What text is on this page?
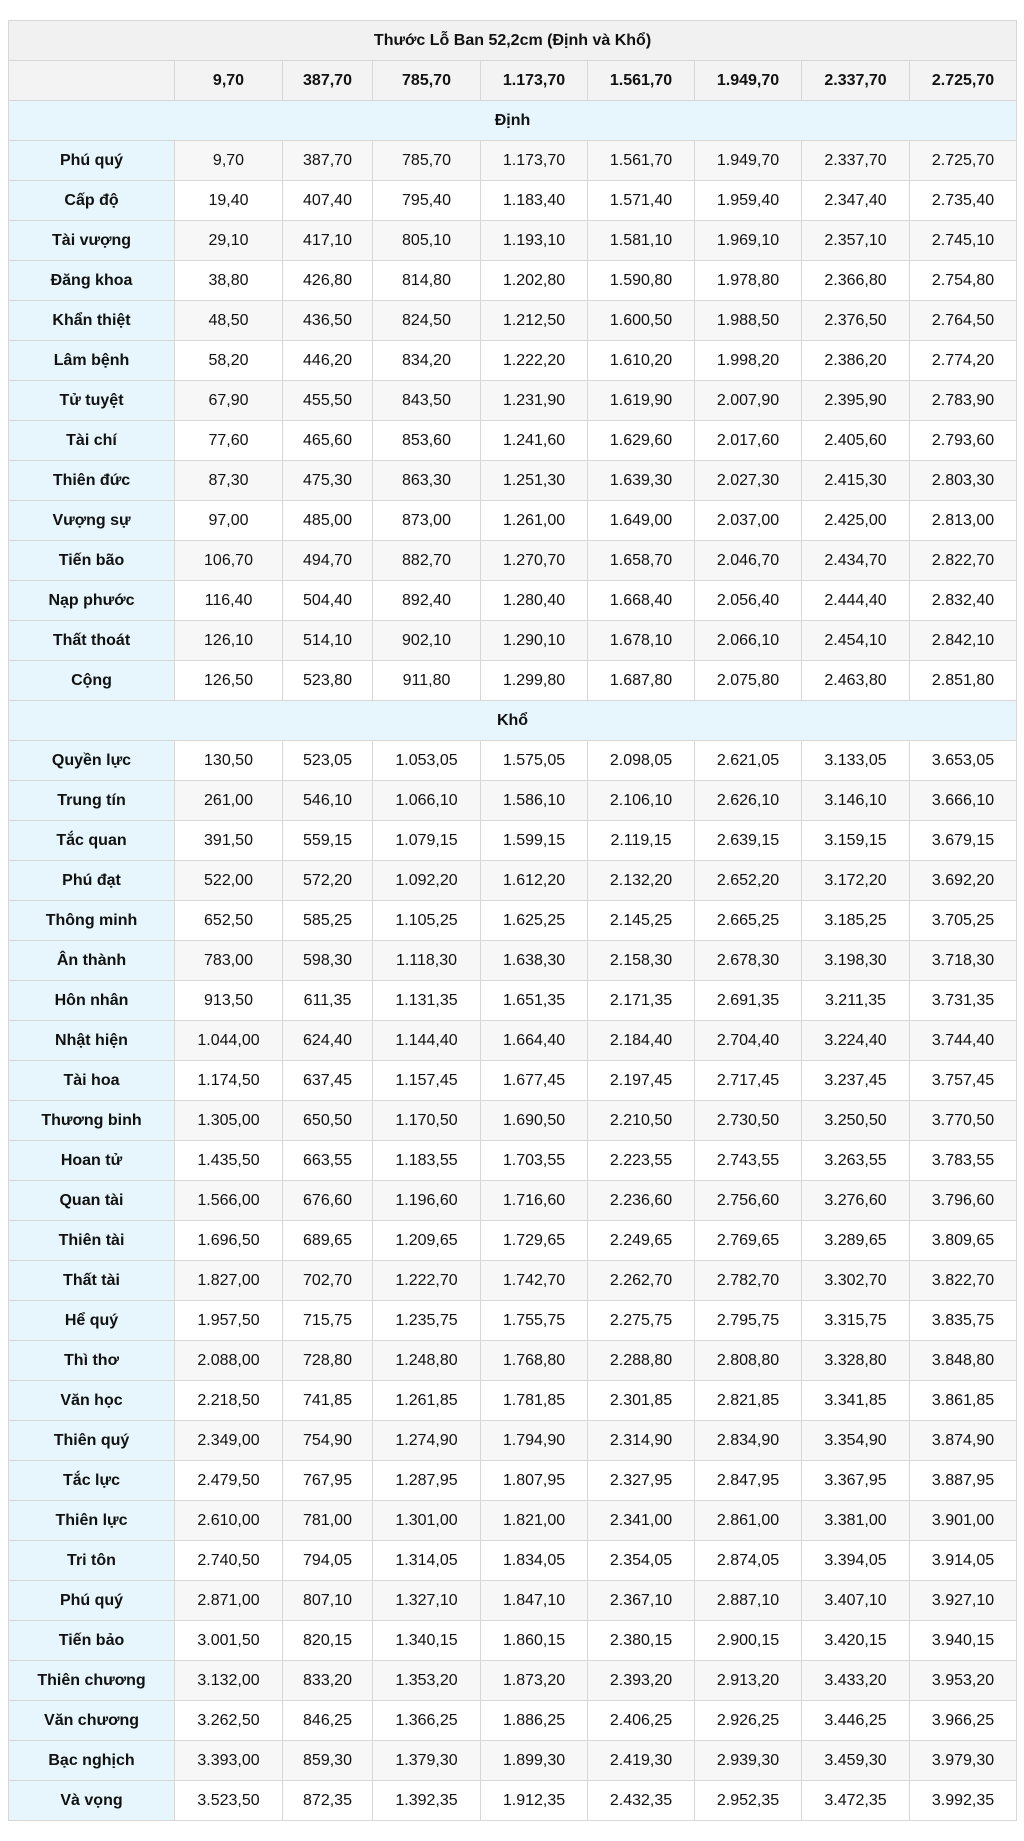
Thước Lỗ Ban 52,2cm (Định và Khổ)								
	9,70	387,70	785,70	1.173,70	1.561,70	1.949,70	2.337,70	2.725,70
Định								
Phú quý	9,70	387,70	785,70	1.173,70	1.561,70	1.949,70	2.337,70	2.725,70
Cấp độ	19,40	407,40	795,40	1.183,40	1.571,40	1.959,40	2.347,40	2.735,40
Tài vượng	29,10	417,10	805,10	1.193,10	1.581,10	1.969,10	2.357,10	2.745,10
Đăng khoa	38,80	426,80	814,80	1.202,80	1.590,80	1.978,80	2.366,80	2.754,80
Khẩn thiệt	48,50	436,50	824,50	1.212,50	1.600,50	1.988,50	2.376,50	2.764,50
Lâm bệnh	58,20	446,20	834,20	1.222,20	1.610,20	1.998,20	2.386,20	2.774,20
Tử tuyệt	67,90	455,50	843,50	1.231,90	1.619,90	2.007,90	2.395,90	2.783,90
Tài chí	77,60	465,60	853,60	1.241,60	1.629,60	2.017,60	2.405,60	2.793,60
Thiên đức	87,30	475,30	863,30	1.251,30	1.639,30	2.027,30	2.415,30	2.803,30
Vượng sự	97,00	485,00	873,00	1.261,00	1.649,00	2.037,00	2.425,00	2.813,00
Tiến bão	106,70	494,70	882,70	1.270,70	1.658,70	2.046,70	2.434,70	2.822,70
Nạp phước	116,40	504,40	892,40	1.280,40	1.668,40	2.056,40	2.444,40	2.832,40
Thất thoát	126,10	514,10	902,10	1.290,10	1.678,10	2.066,10	2.454,10	2.842,10
Cộng	126,50	523,80	911,80	1.299,80	1.687,80	2.075,80	2.463,80	2.851,80
Khổ								
Quyền lực	130,50	523,05	1.053,05	1.575,05	2.098,05	2.621,05	3.133,05	3.653,05
Trung tín	261,00	546,10	1.066,10	1.586,10	2.106,10	2.626,10	3.146,10	3.666,10
Tắc quan	391,50	559,15	1.079,15	1.599,15	2.119,15	2.639,15	3.159,15	3.679,15
Phú đạt	522,00	572,20	1.092,20	1.612,20	2.132,20	2.652,20	3.172,20	3.692,20
Thông minh	652,50	585,25	1.105,25	1.625,25	2.145,25	2.665,25	3.185,25	3.705,25
Ân thành	783,00	598,30	1.118,30	1.638,30	2.158,30	2.678,30	3.198,30	3.718,30
Hôn nhân	913,50	611,35	1.131,35	1.651,35	2.171,35	2.691,35	3.211,35	3.731,35
Nhật hiện	1.044,00	624,40	1.144,40	1.664,40	2.184,40	2.704,40	3.224,40	3.744,40
Tài hoa	1.174,50	637,45	1.157,45	1.677,45	2.197,45	2.717,45	3.237,45	3.757,45
Thương binh	1.305,00	650,50	1.170,50	1.690,50	2.210,50	2.730,50	3.250,50	3.770,50
Hoan tử	1.435,50	663,55	1.183,55	1.703,55	2.223,55	2.743,55	3.263,55	3.783,55
Quan tài	1.566,00	676,60	1.196,60	1.716,60	2.236,60	2.756,60	3.276,60	3.796,60
Thiên tài	1.696,50	689,65	1.209,65	1.729,65	2.249,65	2.769,65	3.289,65	3.809,65
Thất tài	1.827,00	702,70	1.222,70	1.742,70	2.262,70	2.782,70	3.302,70	3.822,70
Hể quý	1.957,50	715,75	1.235,75	1.755,75	2.275,75	2.795,75	3.315,75	3.835,75
Thì thơ	2.088,00	728,80	1.248,80	1.768,80	2.288,80	2.808,80	3.328,80	3.848,80
Văn học	2.218,50	741,85	1.261,85	1.781,85	2.301,85	2.821,85	3.341,85	3.861,85
Thiên quý	2.349,00	754,90	1.274,90	1.794,90	2.314,90	2.834,90	3.354,90	3.874,90
Tắc lực	2.479,50	767,95	1.287,95	1.807,95	2.327,95	2.847,95	3.367,95	3.887,95
Thiên lực	2.610,00	781,00	1.301,00	1.821,00	2.341,00	2.861,00	3.381,00	3.901,00
Tri tôn	2.740,50	794,05	1.314,05	1.834,05	2.354,05	2.874,05	3.394,05	3.914,05
Phú quý	2.871,00	807,10	1.327,10	1.847,10	2.367,10	2.887,10	3.407,10	3.927,10
Tiến bảo	3.001,50	820,15	1.340,15	1.860,15	2.380,15	2.900,15	3.420,15	3.940,15
Thiên chương	3.132,00	833,20	1.353,20	1.873,20	2.393,20	2.913,20	3.433,20	3.953,20
Văn chương	3.262,50	846,25	1.366,25	1.886,25	2.406,25	2.926,25	3.446,25	3.966,25
Bạc nghịch	3.393,00	859,30	1.379,30	1.899,30	2.419,30	2.939,30	3.459,30	3.979,30
Và vọng	3.523,50	872,35	1.392,35	1.912,35	2.432,35	2.952,35	3.472,35	3.992,35
